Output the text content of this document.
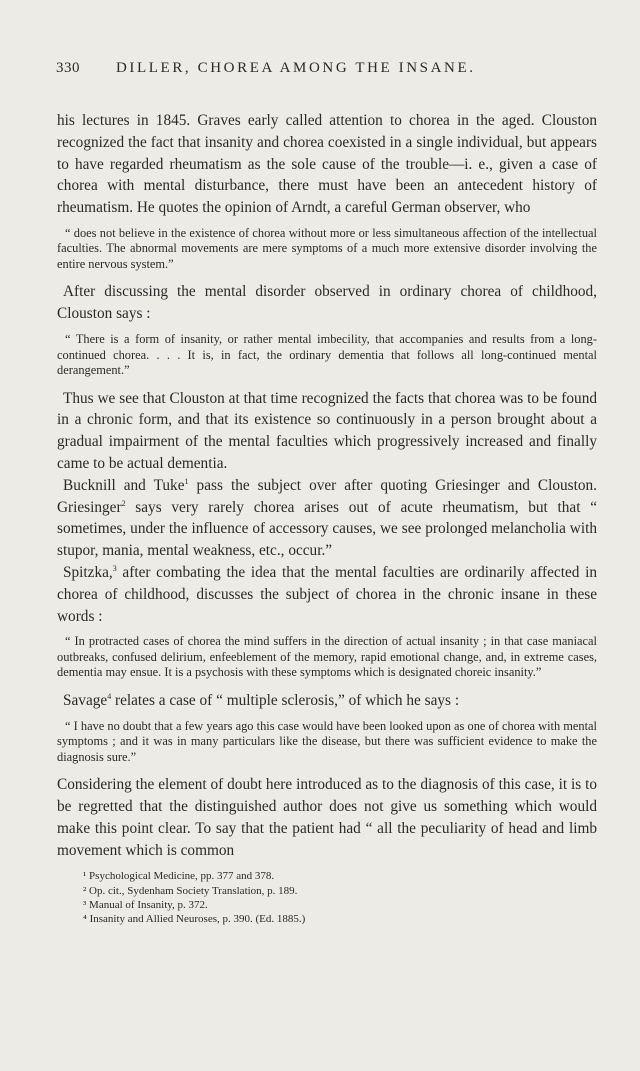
330	DILLER, CHOREA AMONG THE INSANE.

his lectures in 1845. Graves early called attention to chorea in the aged. Clouston recognized the fact that insanity and chorea coexisted in a single individual, but appears to have regarded rheumatism as the sole cause of the trouble—i. e., given a case of chorea with mental disturbance, there must have been an antecedent history of rheumatism. He quotes the opinion of Arndt, a careful German observer, who

“ does not believe in the existence of chorea without more or less simultaneous affection of the intellectual faculties. The abnormal movements are mere symptoms of a much more extensive disorder involving the entire nervous system.”

After discussing the mental disorder observed in ordinary chorea of childhood, Clouston says :

“ There is a form of insanity, or rather mental imbecility, that accompanies and results from a long-continued chorea. . . . It is, in fact, the ordinary dementia that follows all long-continued mental derangement.”

Thus we see that Clouston at that time recognized the facts that chorea was to be found in a chronic form, and that its existence so continuously in a person brought about a gradual impairment of the mental faculties which progressively increased and finally came to be actual dementia.

Bucknill and Tuke$^1$ pass the subject over after quoting Griesinger and Clouston. Griesinger$^2$ says very rarely chorea arises out of acute rheumatism, but that “ sometimes, under the influence of accessory causes, we see prolonged melancholia with stupor, mania, mental weakness, etc., occur.”

Spitzka,$^3$ after combating the idea that the mental faculties are ordinarily affected in chorea of childhood, discusses the subject of chorea in the chronic insane in these words :

“ In protracted cases of chorea the mind suffers in the direction of actual insanity ; in that case maniacal outbreaks, confused delirium, enfeeblement of the memory, rapid emotional change, and, in extreme cases, dementia may ensue. It is a psychosis with these symptoms which is designated choreic insanity.”

Savage$^4$ relates a case of “ multiple sclerosis,” of which he says :

“ I have no doubt that a few years ago this case would have been looked upon as one of chorea with mental symptoms ; and it was in many particulars like the disease, but there was sufficient evidence to make the diagnosis sure.”

Considering the element of doubt here introduced as to the diagnosis of this case, it is to be regretted that the distinguished author does not give us something which would make this point clear. To say that the patient had “ all the peculiarity of head and limb movement which is common

¹ Psychological Medicine, pp. 377 and 378.
² Op. cit., Sydenham Society Translation, p. 189.
³ Manual of Insanity, p. 372.
⁴ Insanity and Allied Neuroses, p. 390. (Ed. 1885.)
